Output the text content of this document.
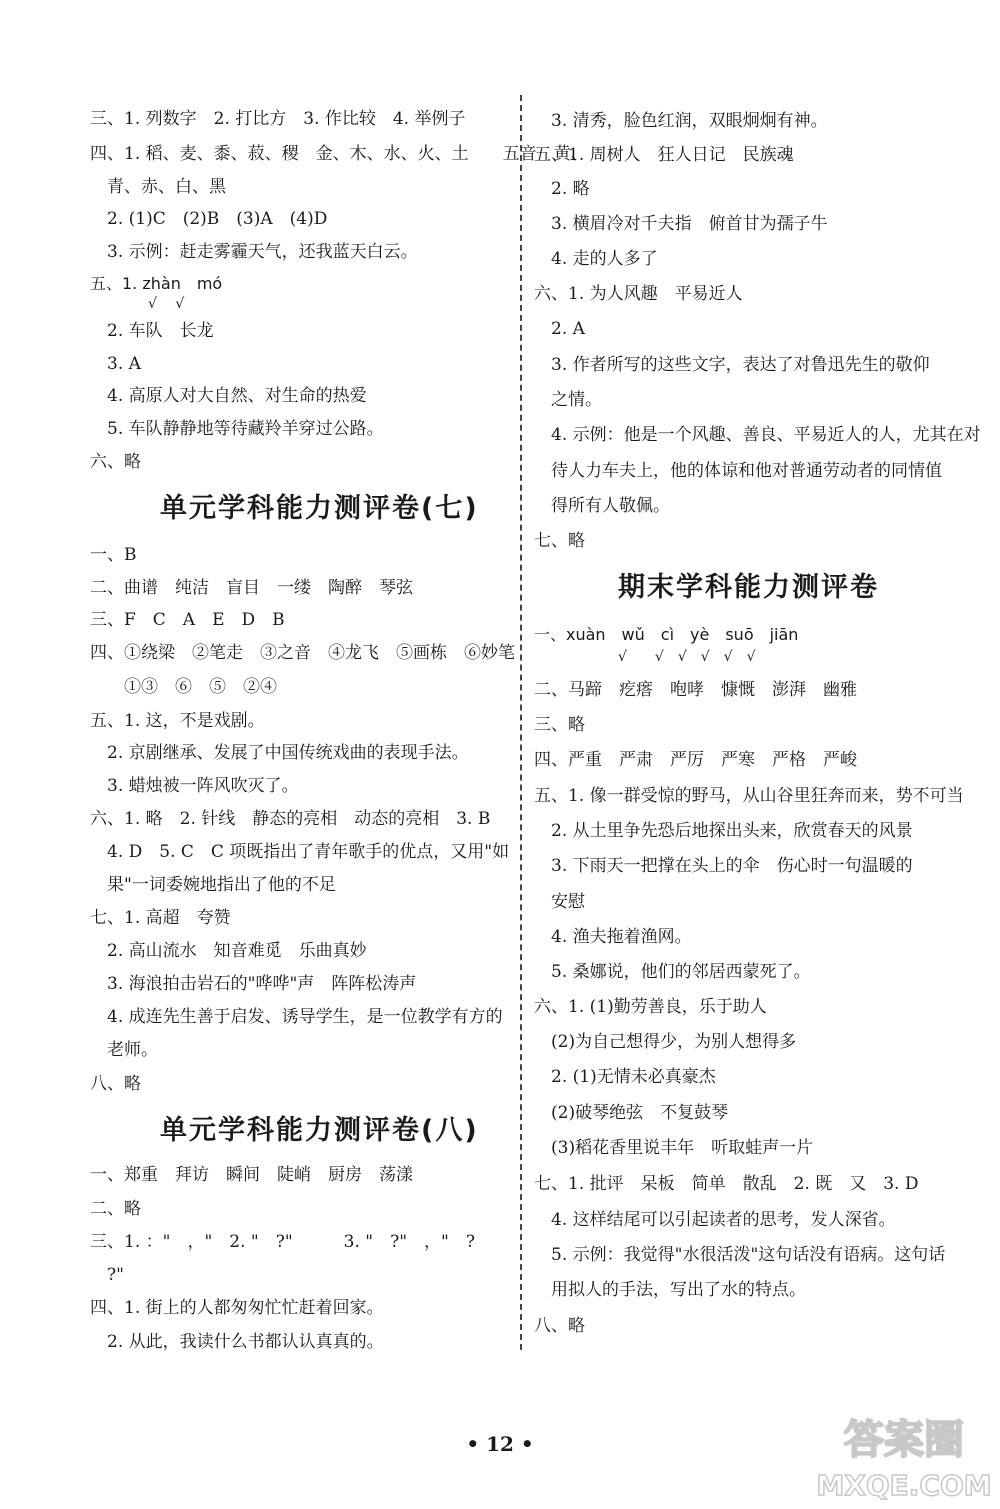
三、1. 列数字　2. 打比方　3. 作比较　4. 举例子
四、1. 稻、麦、黍、菽、稷　金、木、水、火、土　　五音　黄、
　青、赤、白、黑
　2. (1)C　(2)B　(3)A　(4)D
　3. 示例：赶走雾霾天气，还我蓝天白云。
五、1. zhàn　mó
√　 √
　2. 车队　长龙
　3. A
　4. 高原人对大自然、对生命的热爱
　5. 车队静静地等待藏羚羊穿过公路。
六、略
单元学科能力测评卷(七)
一、B
二、曲谱　纯洁　盲目　一缕　陶醉　琴弦
三、F　C　A　E　D　B
四、①绕梁　②笔走　③之音　④龙飞　⑤画栋　⑥妙笔
　　①③　⑥　⑤　②④
五、1. 这，不是戏剧。
　2. 京剧继承、发展了中国传统戏曲的表现手法。
　3. 蜡烛被一阵风吹灭了。
六、1. 略　2. 针线　静态的亮相　动态的亮相　3. B
　4. D　5. C　C 项既指出了青年歌手的优点，又用"如
　果"一词委婉地指出了他的不足
七、1. 高超　夸赞
　2. 高山流水　知音难觅　乐曲真妙
　3. 海浪拍击岩石的"哗哗"声　阵阵松涛声
　4. 成连先生善于启发、诱导学生，是一位教学有方的
　老师。
八、略
单元学科能力测评卷(八)
一、郑重　拜访　瞬间　陡峭　厨房　荡漾
二、略
三、1. ："　，"　2. "　?"　　　3. "　?"　，"　?
　?"
四、1. 街上的人都匆匆忙忙赶着回家。
　2. 从此，我读什么书都认认真真的。
　3. 清秀，脸色红润，双眼炯炯有神。
五、1. 周树人　狂人日记　民族魂
　2. 略
　3. 横眉冷对千夫指　俯首甘为孺子牛
　4. 走的人多了
六、1. 为人风趣　平易近人
　2. A
　3. 作者所写的这些文字，表达了对鲁迅先生的敬仰
　之情。
　4. 示例：他是一个风趣、善良、平易近人的人，尤其在对
　待人力车夫上，他的体谅和他对普通劳动者的同情值
　得所有人敬佩。
七、略
期末学科能力测评卷
一、xuàn　wǔ　cì　yè　suō　jiān
√　　√　√　√　√　√
二、马蹄　疙瘩　咆哮　慷慨　澎湃　幽雅
三、略
四、严重　严肃　严厉　严寒　严格　严峻
五、1. 像一群受惊的野马，从山谷里狂奔而来，势不可当
　2. 从土里争先恐后地探出头来，欣赏春天的风景
　3. 下雨天一把撑在头上的伞　伤心时一句温暖的
　安慰
　4. 渔夫拖着渔网。
　5. 桑娜说，他们的邻居西蒙死了。
六、1. (1)勤劳善良，乐于助人
　(2)为自己想得少，为别人想得多
　2. (1)无情未必真豪杰
　(2)破琴绝弦　不复鼓琴
　(3)稻花香里说丰年　听取蛙声一片
七、1. 批评　呆板　简单　散乱　2. 既　又　3. D
　4. 这样结尾可以引起读者的思考，发人深省。
　5. 示例：我觉得"水很活泼"这句话没有语病。这句话
　用拟人的手法，写出了水的特点。
八、略
• 12 •	答案圈
MXQE.COM
